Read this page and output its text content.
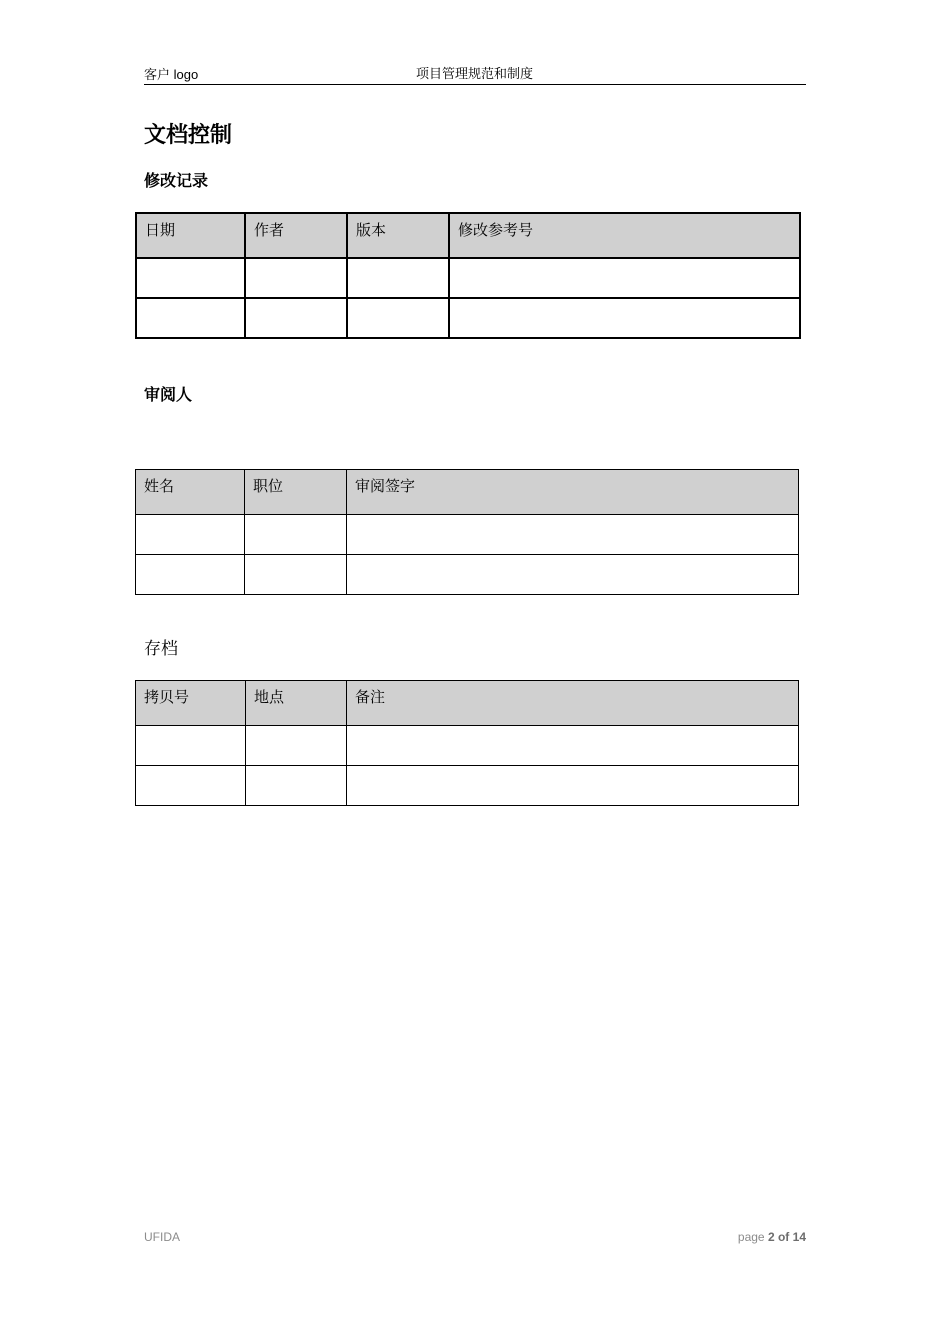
客户 logo	项目管理规范和制度
文档控制
修改记录
日期	作者	版本	修改参考号

审阅人
姓名	职位	审阅签字

存档
拷贝号	地点	备注

UFIDA	page 2 of 14
